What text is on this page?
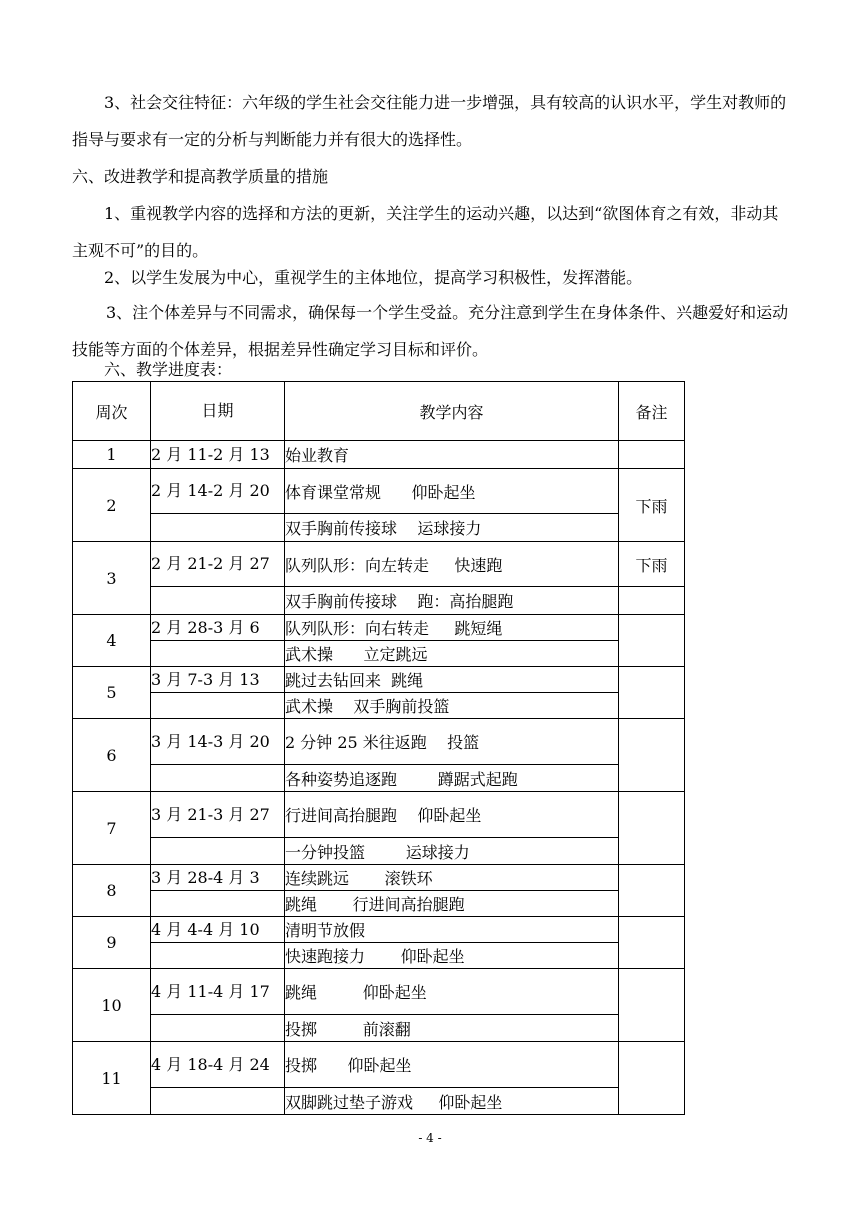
3、社会交往特征：六年级的学生社会交往能力进一步增强，具有较高的认识水平，学生对教师的指导与要求有一定的分析与判断能力并有很大的选择性。

六、改进教学和提高教学质量的措施

1、重视教学内容的选择和方法的更新，关注学生的运动兴趣，以达到“欲图体育之有效，非动其主观不可”的目的。

2、以学生发展为中心，重视学生的主体地位，提高学习积极性，发挥潜能。

3、注个体差异与不同需求，确保每一个学生受益。充分注意到学生在身体条件、兴趣爱好和运动技能等方面的个体差异，根据差异性确定学习目标和评价。

六、教学进度表：

周次	日期	教学内容	备注
1	2 月 11-2 月 13	始业教育	
2	2 月 14-2 月 20	体育课堂常规      仰卧起坐	下雨
		双手胸前传接球    运球接力	
3	2 月 21-2 月 27	队列队形：向左转走     快速跑	下雨
		双手胸前传接球    跑：高抬腿跑	
4	2 月 28-3 月 6	队列队形：向右转走     跳短绳	
		武术操      立定跳远	
5	3 月 7-3 月 13	跳过去钻回来  跳绳	
		武术操    双手胸前投篮	
6	3 月 14-3 月 20	2 分钟 25 米往返跑    投篮	
		各种姿势追逐跑        蹲踞式起跑	
7	3 月 21-3 月 27	行进间高抬腿跑    仰卧起坐	
		一分钟投篮        运球接力	
8	3 月 28-4 月 3	连续跳远       滚铁环	
		跳绳       行进间高抬腿跑	
9	4 月 4-4 月 10	清明节放假	
		快速跑接力       仰卧起坐	
10	4 月 11-4 月 17	跳绳         仰卧起坐	
		投掷         前滚翻	
11	4 月 18-4 月 24	投掷      仰卧起坐	
		双脚跳过垫子游戏     仰卧起坐	
- 4 -
